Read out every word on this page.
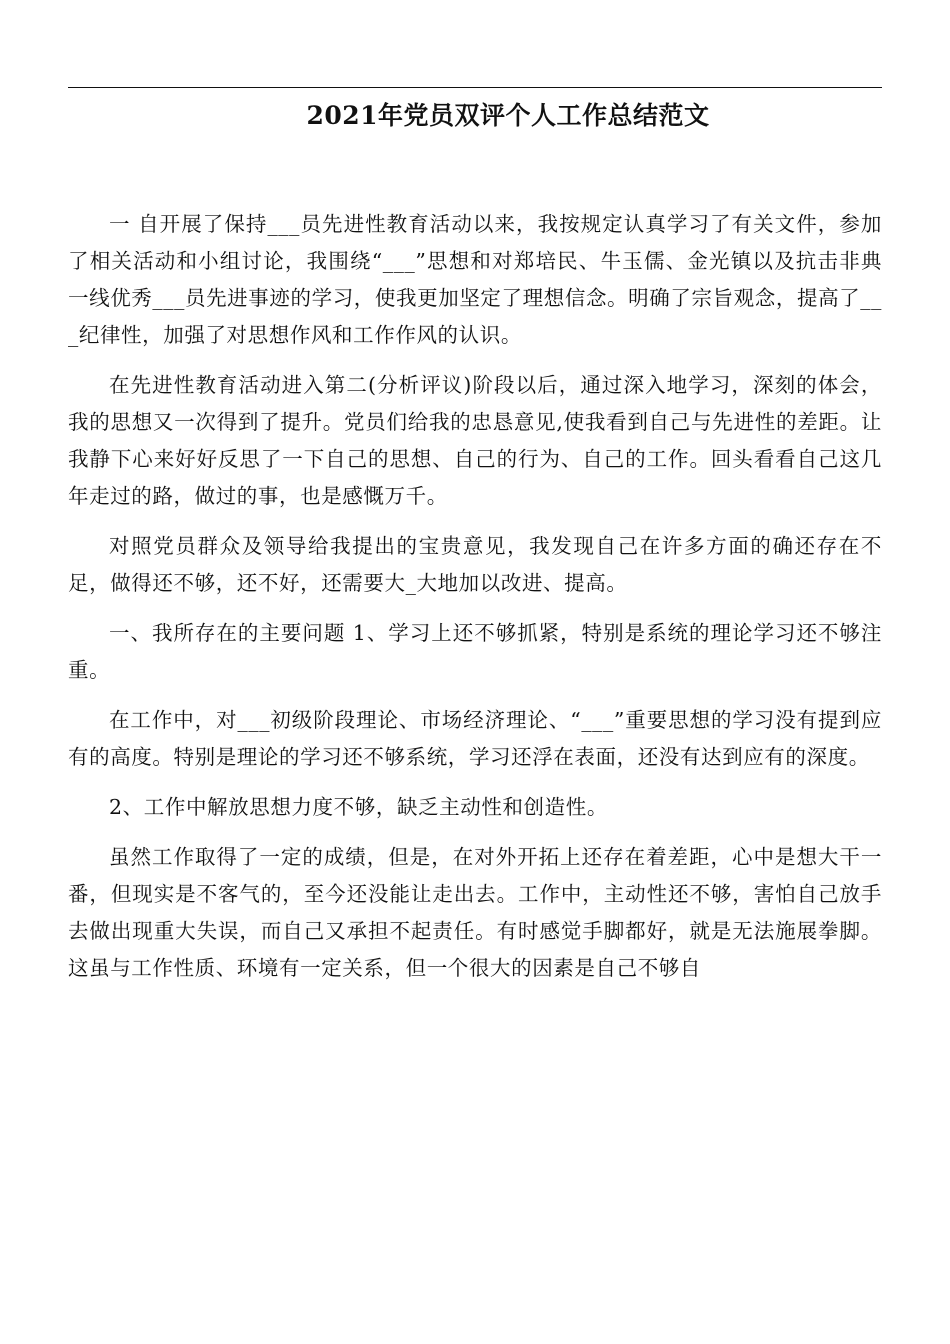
2021年党员双评个人工作总结范文

一 自开展了保持___员先进性教育活动以来，我按规定认真学习了有关文件，参加了相关活动和小组讨论，我围绕“___”思想和对郑培民、牛玉儒、金光镇以及抗击非典一线优秀___员先进事迹的学习，使我更加坚定了理想信念。明确了宗旨观念，提高了___纪律性，加强了对思想作风和工作作风的认识。

在先进性教育活动进入第二(分析评议)阶段以后，通过深入地学习，深刻的体会，我的思想又一次得到了提升。党员们给我的忠恳意见,使我看到自己与先进性的差距。让我静下心来好好反思了一下自己的思想、自己的行为、自己的工作。回头看看自己这几年走过的路，做过的事，也是感慨万千。

对照党员群众及领导给我提出的宝贵意见，我发现自己在许多方面的确还存在不足，做得还不够，还不好，还需要大_大地加以改进、提高。

一、我所存在的主要问题 1、学习上还不够抓紧，特别是系统的理论学习还不够注重。

在工作中，对___初级阶段理论、市场经济理论、“___”重要思想的学习没有提到应有的高度。特别是理论的学习还不够系统，学习还浮在表面，还没有达到应有的深度。

2、工作中解放思想力度不够，缺乏主动性和创造性。

虽然工作取得了一定的成绩，但是，在对外开拓上还存在着差距，心中是想大干一番，但现实是不客气的，至今还没能让走出去。工作中，主动性还不够，害怕自己放手去做出现重大失误，而自己又承担不起责任。有时感觉手脚都好，就是无法施展拳脚。这虽与工作性质、环境有一定关系，但一个很大的因素是自己不够自
